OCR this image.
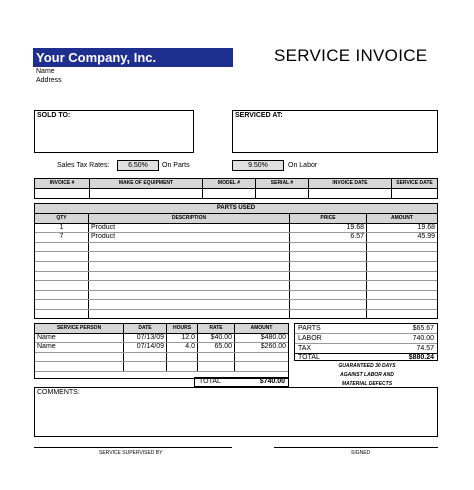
Your Company, Inc.	SERVICE INVOICE
Name
Address
SOLD TO:	SERVICED AT:
Sales Tax Rates:	6.50%	On Parts	9.50%	On Labor
INVOICE #	MAKE OF EQUIPMENT	MODEL #	SERIAL #	INVOICE DATE	SERVICE DATE

PARTS USED
QTY	DESCRIPTION	PRICE	AMOUNT
1	Product	19.68	19.68
7	Product	6.57	45.99

SERVICE PERSON	DATE	HOURS	RATE	AMOUNT
Name	07/13/09	12.0	$40.00	$480.00
Name	07/14/09	4.0	65.00	$260.00

TOTAL	$740.00
PARTS	$65.67
LABOR	740.00
TAX	74.57
TOTAL	$880.24
GUARANTEED 30 DAYS
AGAINST LABOR AND
MATERIAL DEFECTS
COMMENTS:
SERVICE SUPERVISED BY	SIGNED
